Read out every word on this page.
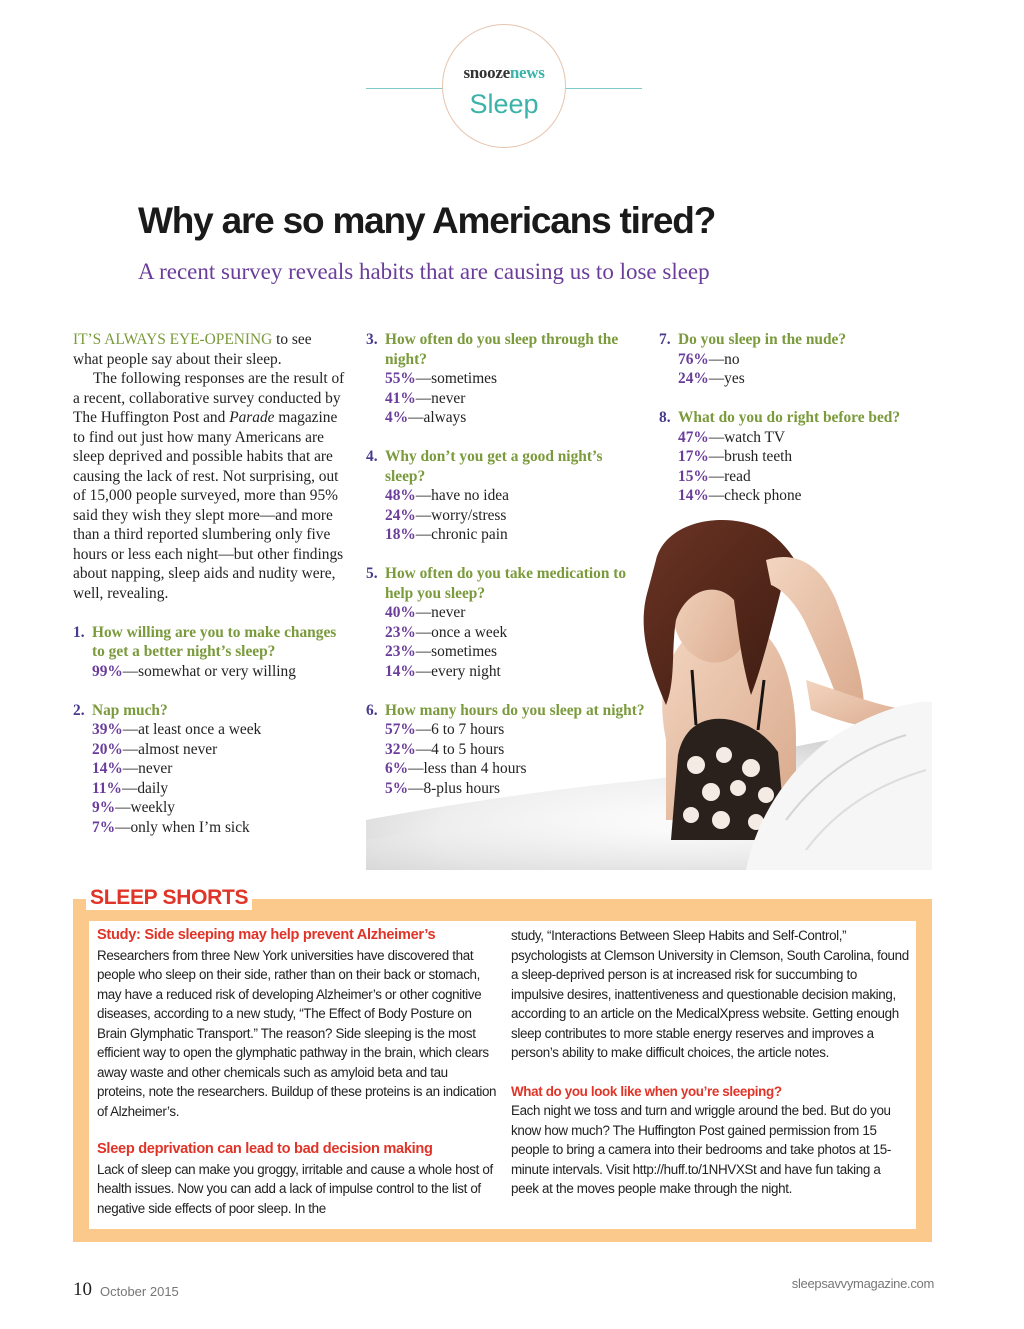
snoozenews
Sleep
Why are so many Americans tired?
A recent survey reveals habits that are causing us to lose sleep

IT’S ALWAYS EYE-OPENING to see what people say about their sleep.

The following responses are the result of a recent, collaborative survey conducted by The Huffington Post and Parade magazine to find out just how many Americans are sleep deprived and possible habits that are causing the lack of rest. Not surprising, out of 15,000 people surveyed, more than 95% said they wish they slept more—and more than a third reported slumbering only five hours or less each night—but other findings about napping, sleep aids and nudity were, well, revealing.

1. How willing are you to make changes to get a better night’s sleep?
99%—somewhat or very willing
2. Nap much?
39%—at least once a week
20%—almost never
14%—never
11%—daily
9%—weekly
7%—only when I’m sick
3. How often do you sleep through the night?
55%—sometimes
41%—never
4%—always
4. Why don’t you get a good night’s sleep?
48%—have no idea
24%—worry/stress
18%—chronic pain
5. How often do you take medication to help you sleep?
40%—never
23%—once a week
23%—sometimes
14%—every night
6. How many hours do you sleep at night?
57%—6 to 7 hours
32%—4 to 5 hours
6%—less than 4 hours
5%—8-plus hours
7. Do you sleep in the nude?
76%—no
24%—yes
8. What do you do right before bed?
47%—watch TV
17%—brush teeth
15%—read
14%—check phone
SLEEP SHORTS
Study: Side sleeping may help prevent Alzheimer’s

Researchers from three New York universities have discovered that people who sleep on their side, rather than on their back or stomach, may have a reduced risk of developing Alzheimer’s or other cognitive diseases, according to a new study, “The Effect of Body Posture on Brain Glymphatic Transport.” The reason? Side sleeping is the most efficient way to open the glymphatic pathway in the brain, which clears away waste and other chemicals such as amyloid beta and tau proteins, note the researchers. Buildup of these proteins is an indication of Alzheimer’s.

Sleep deprivation can lead to bad decision making

Lack of sleep can make you groggy, irritable and cause a whole host of health issues. Now you can add a lack of impulse control to the list of negative side effects of poor sleep. In the

study, “Interactions Between Sleep Habits and Self-Control,” psychologists at Clemson University in Clemson, South Carolina, found a sleep-deprived person is at increased risk for succumbing to impulsive desires, inattentiveness and questionable decision making, according to an article on the MedicalXpress website. Getting enough sleep contributes to more stable energy reserves and improves a person’s ability to make difficult choices, the article notes.

What do you look like when you’re sleeping?

Each night we toss and turn and wriggle around the bed. But do you know how much? The Huffington Post gained permission from 15 people to bring a camera into their bedrooms and take photos at 15-minute intervals. Visit http://huff.to/1NHVXSt and have fun taking a peek at the moves people make through the night.

10 October 2015
sleepsavvymagazine.com
